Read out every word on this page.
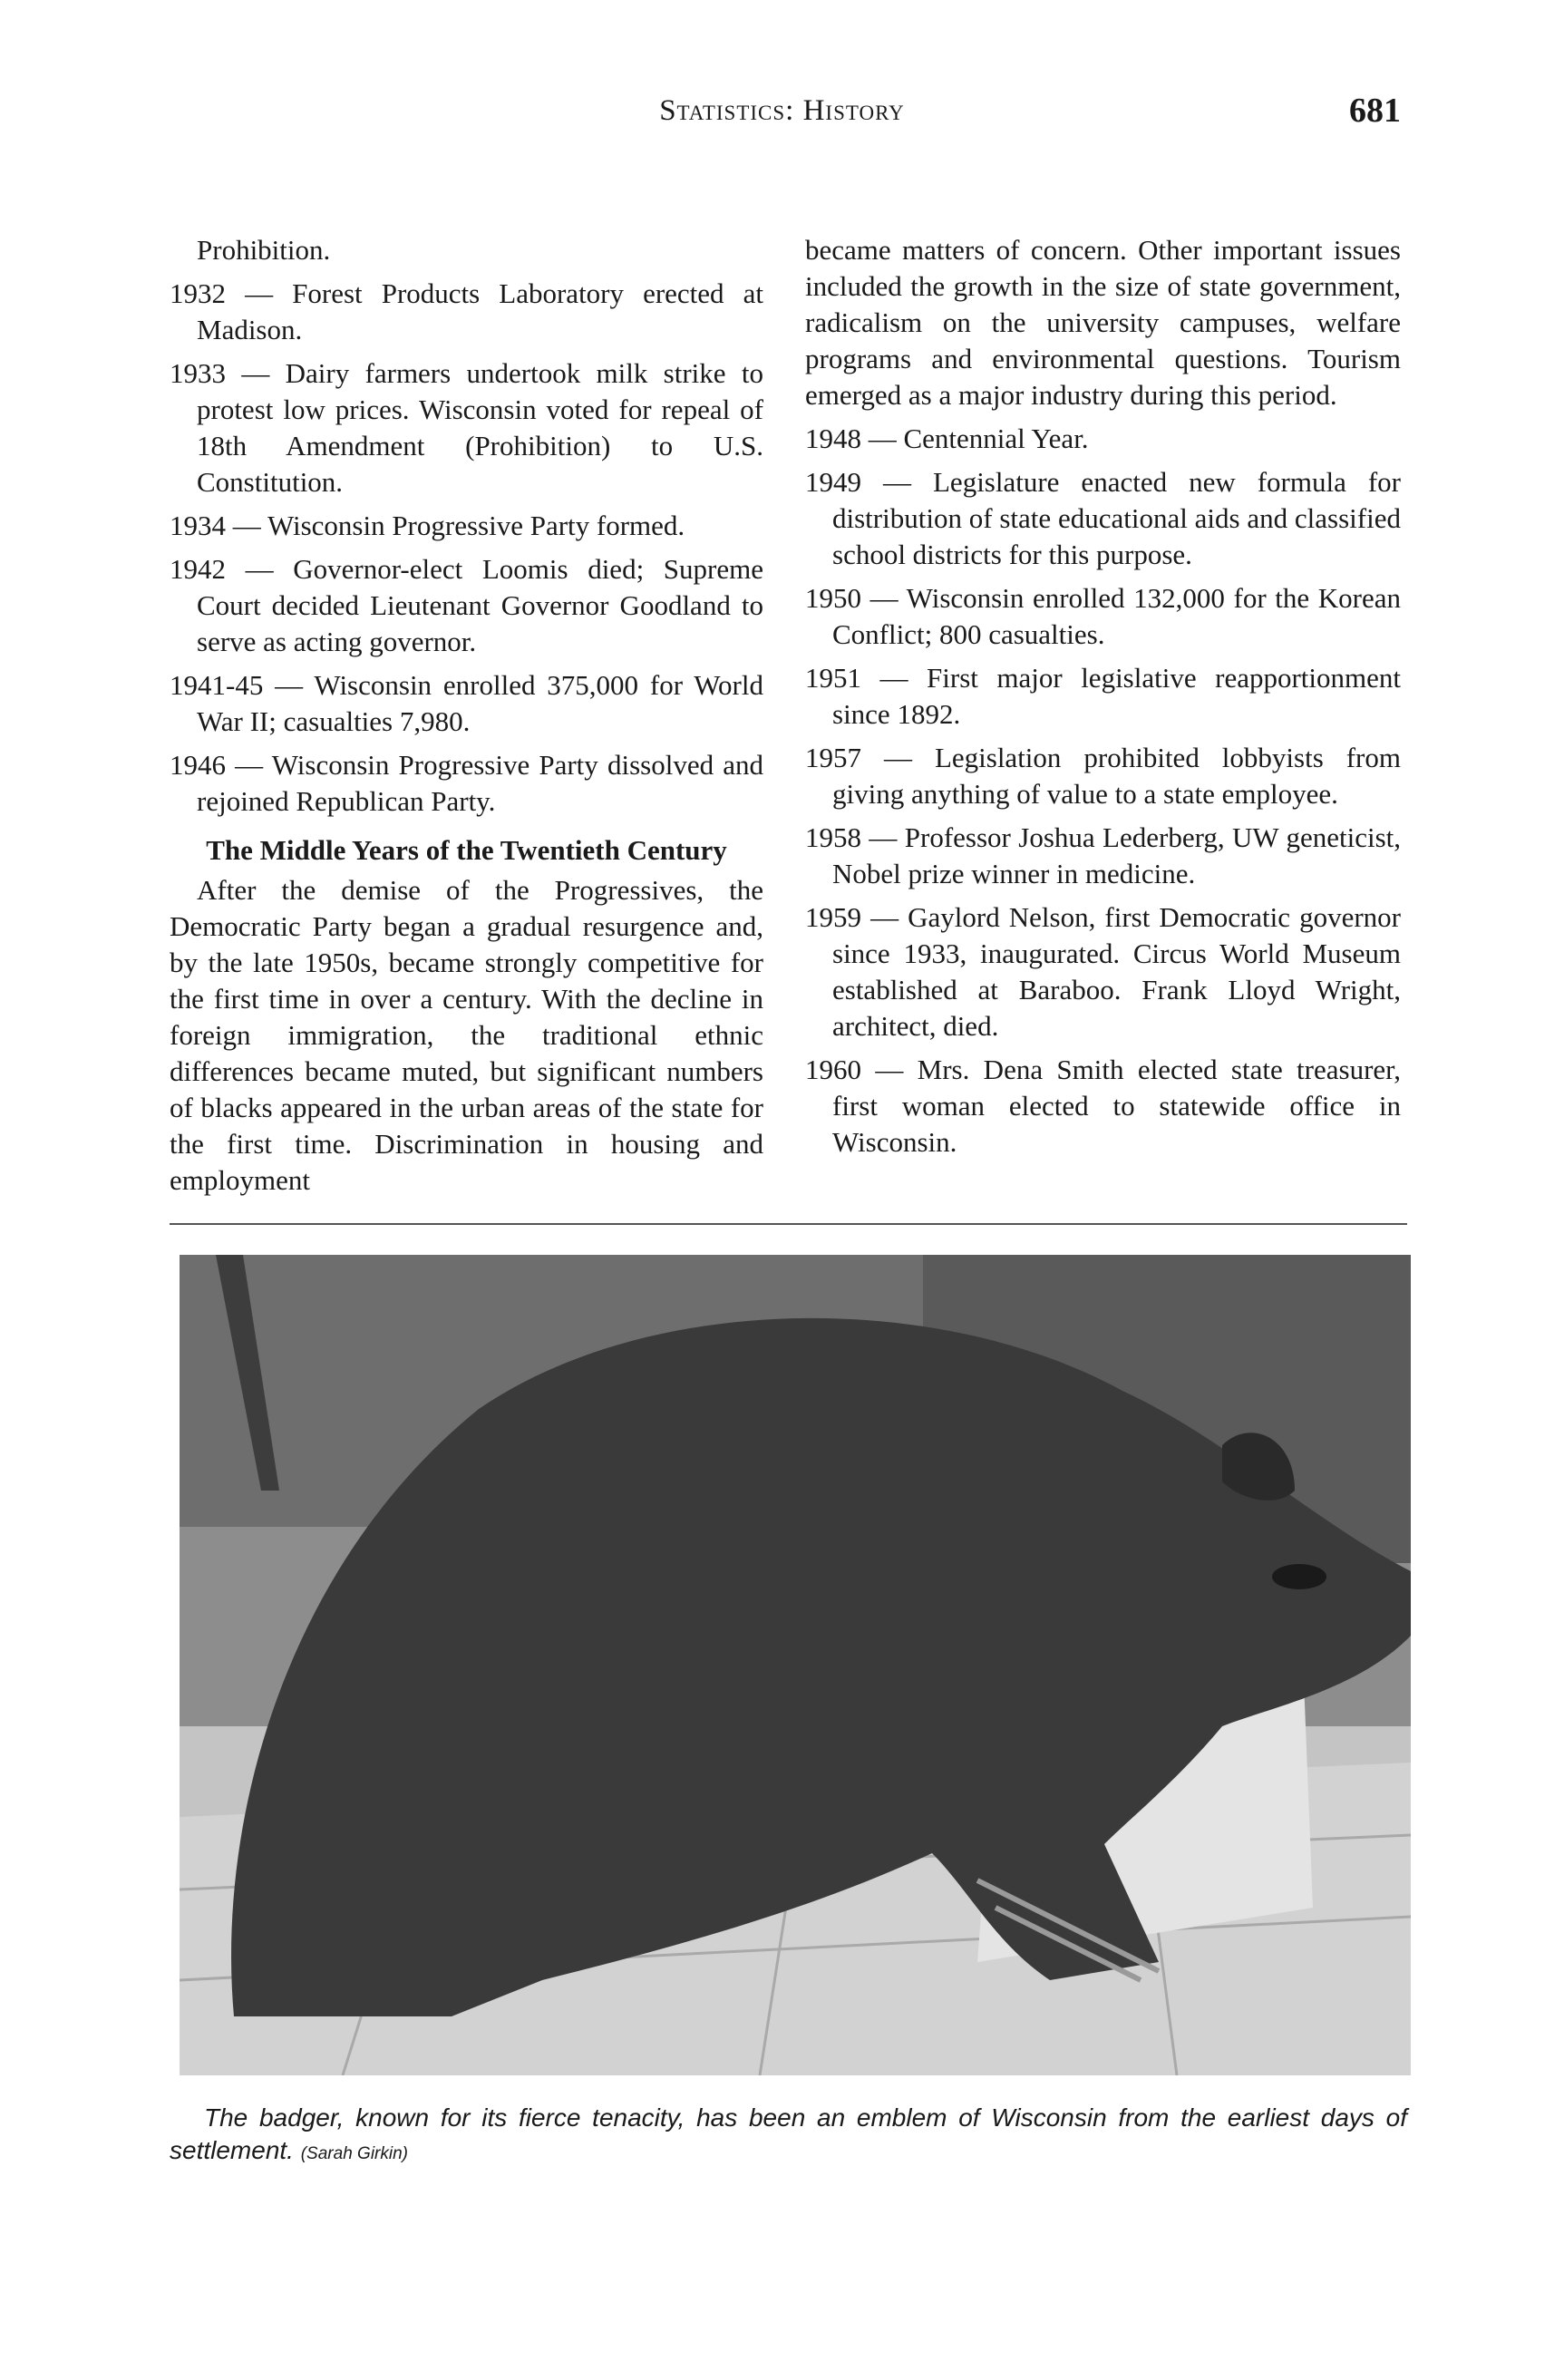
Statistics: History	681

Prohibition.

1932 — Forest Products Laboratory erected at Madison.

1933 — Dairy farmers undertook milk strike to protest low prices. Wisconsin voted for repeal of 18th Amendment (Prohibition) to U.S. Constitution.

1934 — Wisconsin Progressive Party formed.

1942 — Governor-elect Loomis died; Supreme Court decided Lieutenant Governor Goodland to serve as acting governor.

1941-45 — Wisconsin enrolled 375,000 for World War II; casualties 7,980.

1946 — Wisconsin Progressive Party dissolved and rejoined Republican Party.

The Middle Years of the Twentieth Century

After the demise of the Progressives, the Democratic Party began a gradual resurgence and, by the late 1950s, became strongly competitive for the first time in over a century. With the decline in foreign immigration, the traditional ethnic differences became muted, but significant numbers of blacks appeared in the urban areas of the state for the first time. Discrimination in housing and employment

became matters of concern. Other important issues included the growth in the size of state government, radicalism on the university campuses, welfare programs and environmental questions. Tourism emerged as a major industry during this period.

1948 — Centennial Year.

1949 — Legislature enacted new formula for distribution of state educational aids and classified school districts for this purpose.

1950 — Wisconsin enrolled 132,000 for the Korean Conflict; 800 casualties.

1951 — First major legislative reapportionment since 1892.

1957 — Legislation prohibited lobbyists from giving anything of value to a state employee.

1958 — Professor Joshua Lederberg, UW geneticist, Nobel prize winner in medicine.

1959 — Gaylord Nelson, first Democratic governor since 1933, inaugurated. Circus World Museum established at Baraboo. Frank Lloyd Wright, architect, died.

1960 — Mrs. Dena Smith elected state treasurer, first woman elected to statewide office in Wisconsin.

The badger, known for its fierce tenacity, has been an emblem of Wisconsin from the earliest days of settlement. (Sarah Girkin)
